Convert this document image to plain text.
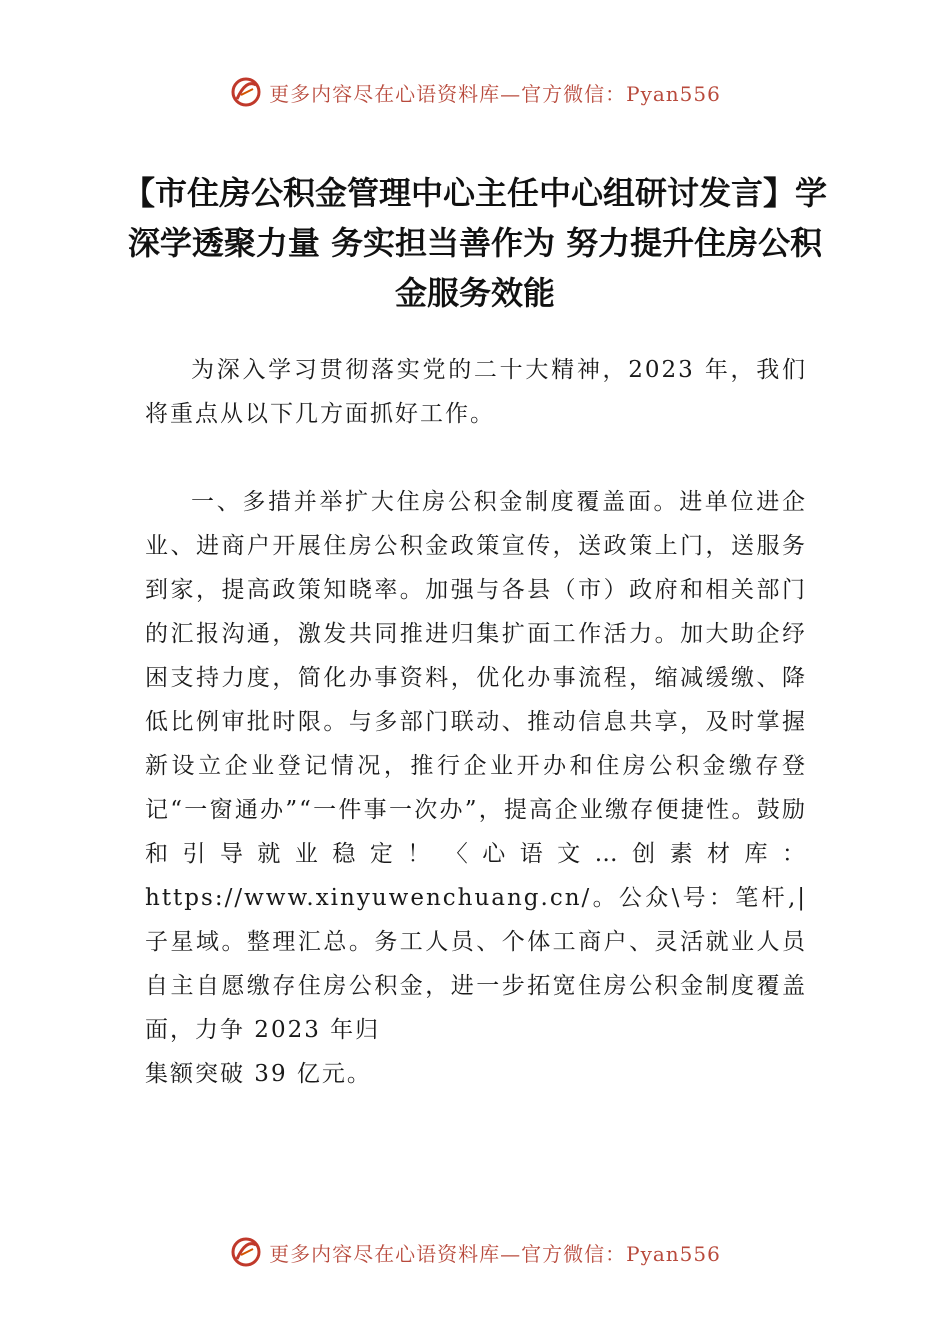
更多内容尽在心语资料库—官方微信：Pyan556
【市住房公积金管理中心主任中心组研讨发言】学深学透聚力量 务实担当善作为 努力提升住房公积金服务效能

为深入学习贯彻落实党的二十大精神，2023 年，我们将重点从以下几方面抓好工作。

一、多措并举扩大住房公积金制度覆盖面。进单位进企业、进商户开展住房公积金政策宣传，送政策上门，送服务到家，提高政策知晓率。加强与各县（市）政府和相关部门的汇报沟通，激发共同推进归集扩面工作活力。加大助企纾困支持力度，简化办事资料，优化办事流程，缩减缓缴、降低比例审批时限。与多部门联动、推动信息共享，及时掌握新设立企业登记情况，推行企业开办和住房公积金缴存登记“一窗通办”“一件事一次办”，提高企业缴存便捷性。鼓励和引导就业稳定！〈心语文…创素材库：https://www.xinyuwenchuang.cn/。公众\号：笔杆,|子星域。整理汇总。务工人员、个体工商户、灵活就业人员自主自愿缴存住房公积金，进一步拓宽住房公积金制度覆盖面，力争 2023 年归
集额突破 39 亿元。

更多内容尽在心语资料库—官方微信：Pyan556
